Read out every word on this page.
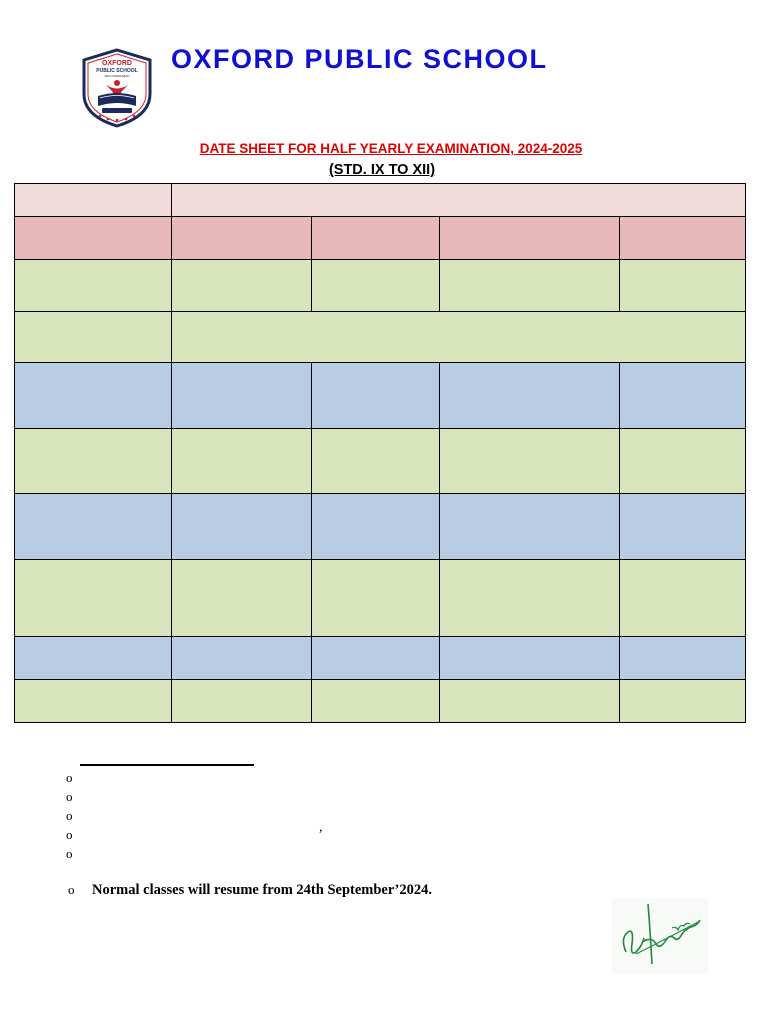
OXFORD
PUBLIC SCHOOL
SECUNDERABAD
OXFORD PUBLIC SCHOOL
DATE SHEET FOR HALF YEARLY EXAMINATION, 2024-2025
(STD. IX TO XII)

o
o
o
o
o
,
o Normal classes will resume from 24th September’2024.
